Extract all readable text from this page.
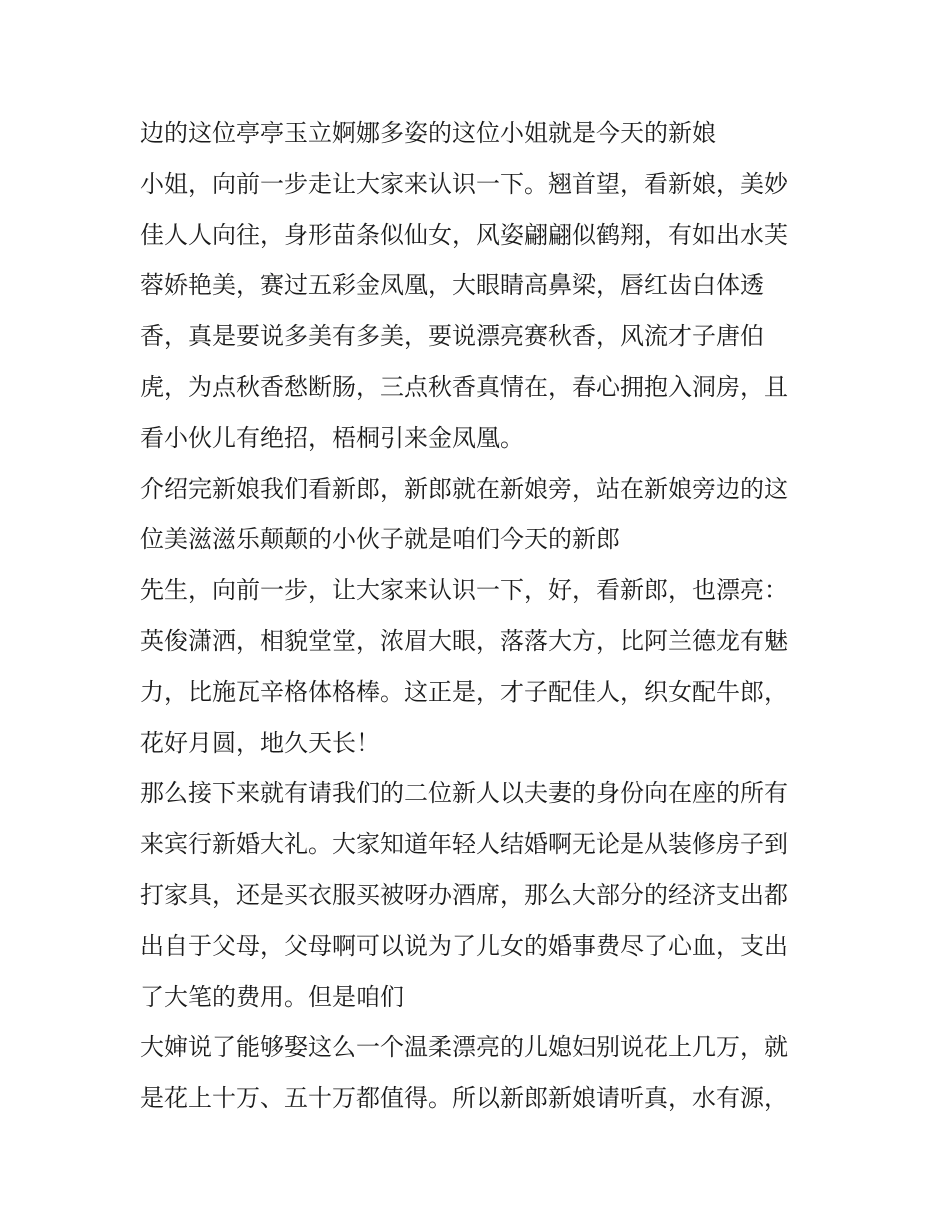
边的这位亭亭玉立婀娜多姿的这位小姐就是今天的新娘
小姐，向前一步走让大家来认识一下。翘首望，看新娘，美妙
佳人人向往，身形苗条似仙女，风姿翩翩似鹤翔，有如出水芙
蓉娇艳美，赛过五彩金凤凰，大眼睛高鼻梁，唇红齿白体透
香，真是要说多美有多美，要说漂亮赛秋香，风流才子唐伯
虎，为点秋香愁断肠，三点秋香真情在，春心拥抱入洞房，且
看小伙儿有绝招，梧桐引来金凤凰。
介绍完新娘我们看新郎，新郎就在新娘旁，站在新娘旁边的这
位美滋滋乐颠颠的小伙子就是咱们今天的新郎
先生，向前一步，让大家来认识一下，好，看新郎，也漂亮：
英俊潇洒，相貌堂堂，浓眉大眼，落落大方，比阿兰德龙有魅
力，比施瓦辛格体格棒。这正是，才子配佳人，织女配牛郎，
花好月圆，地久天长！
那么接下来就有请我们的二位新人以夫妻的身份向在座的所有
来宾行新婚大礼。大家知道年轻人结婚啊无论是从装修房子到
打家具，还是买衣服买被呀办酒席，那么大部分的经济支出都
出自于父母，父母啊可以说为了儿女的婚事费尽了心血，支出
了大笔的费用。但是咱们
大婶说了能够娶这么一个温柔漂亮的儿媳妇别说花上几万，就
是花上十万、五十万都值得。所以新郎新娘请听真，水有源，
